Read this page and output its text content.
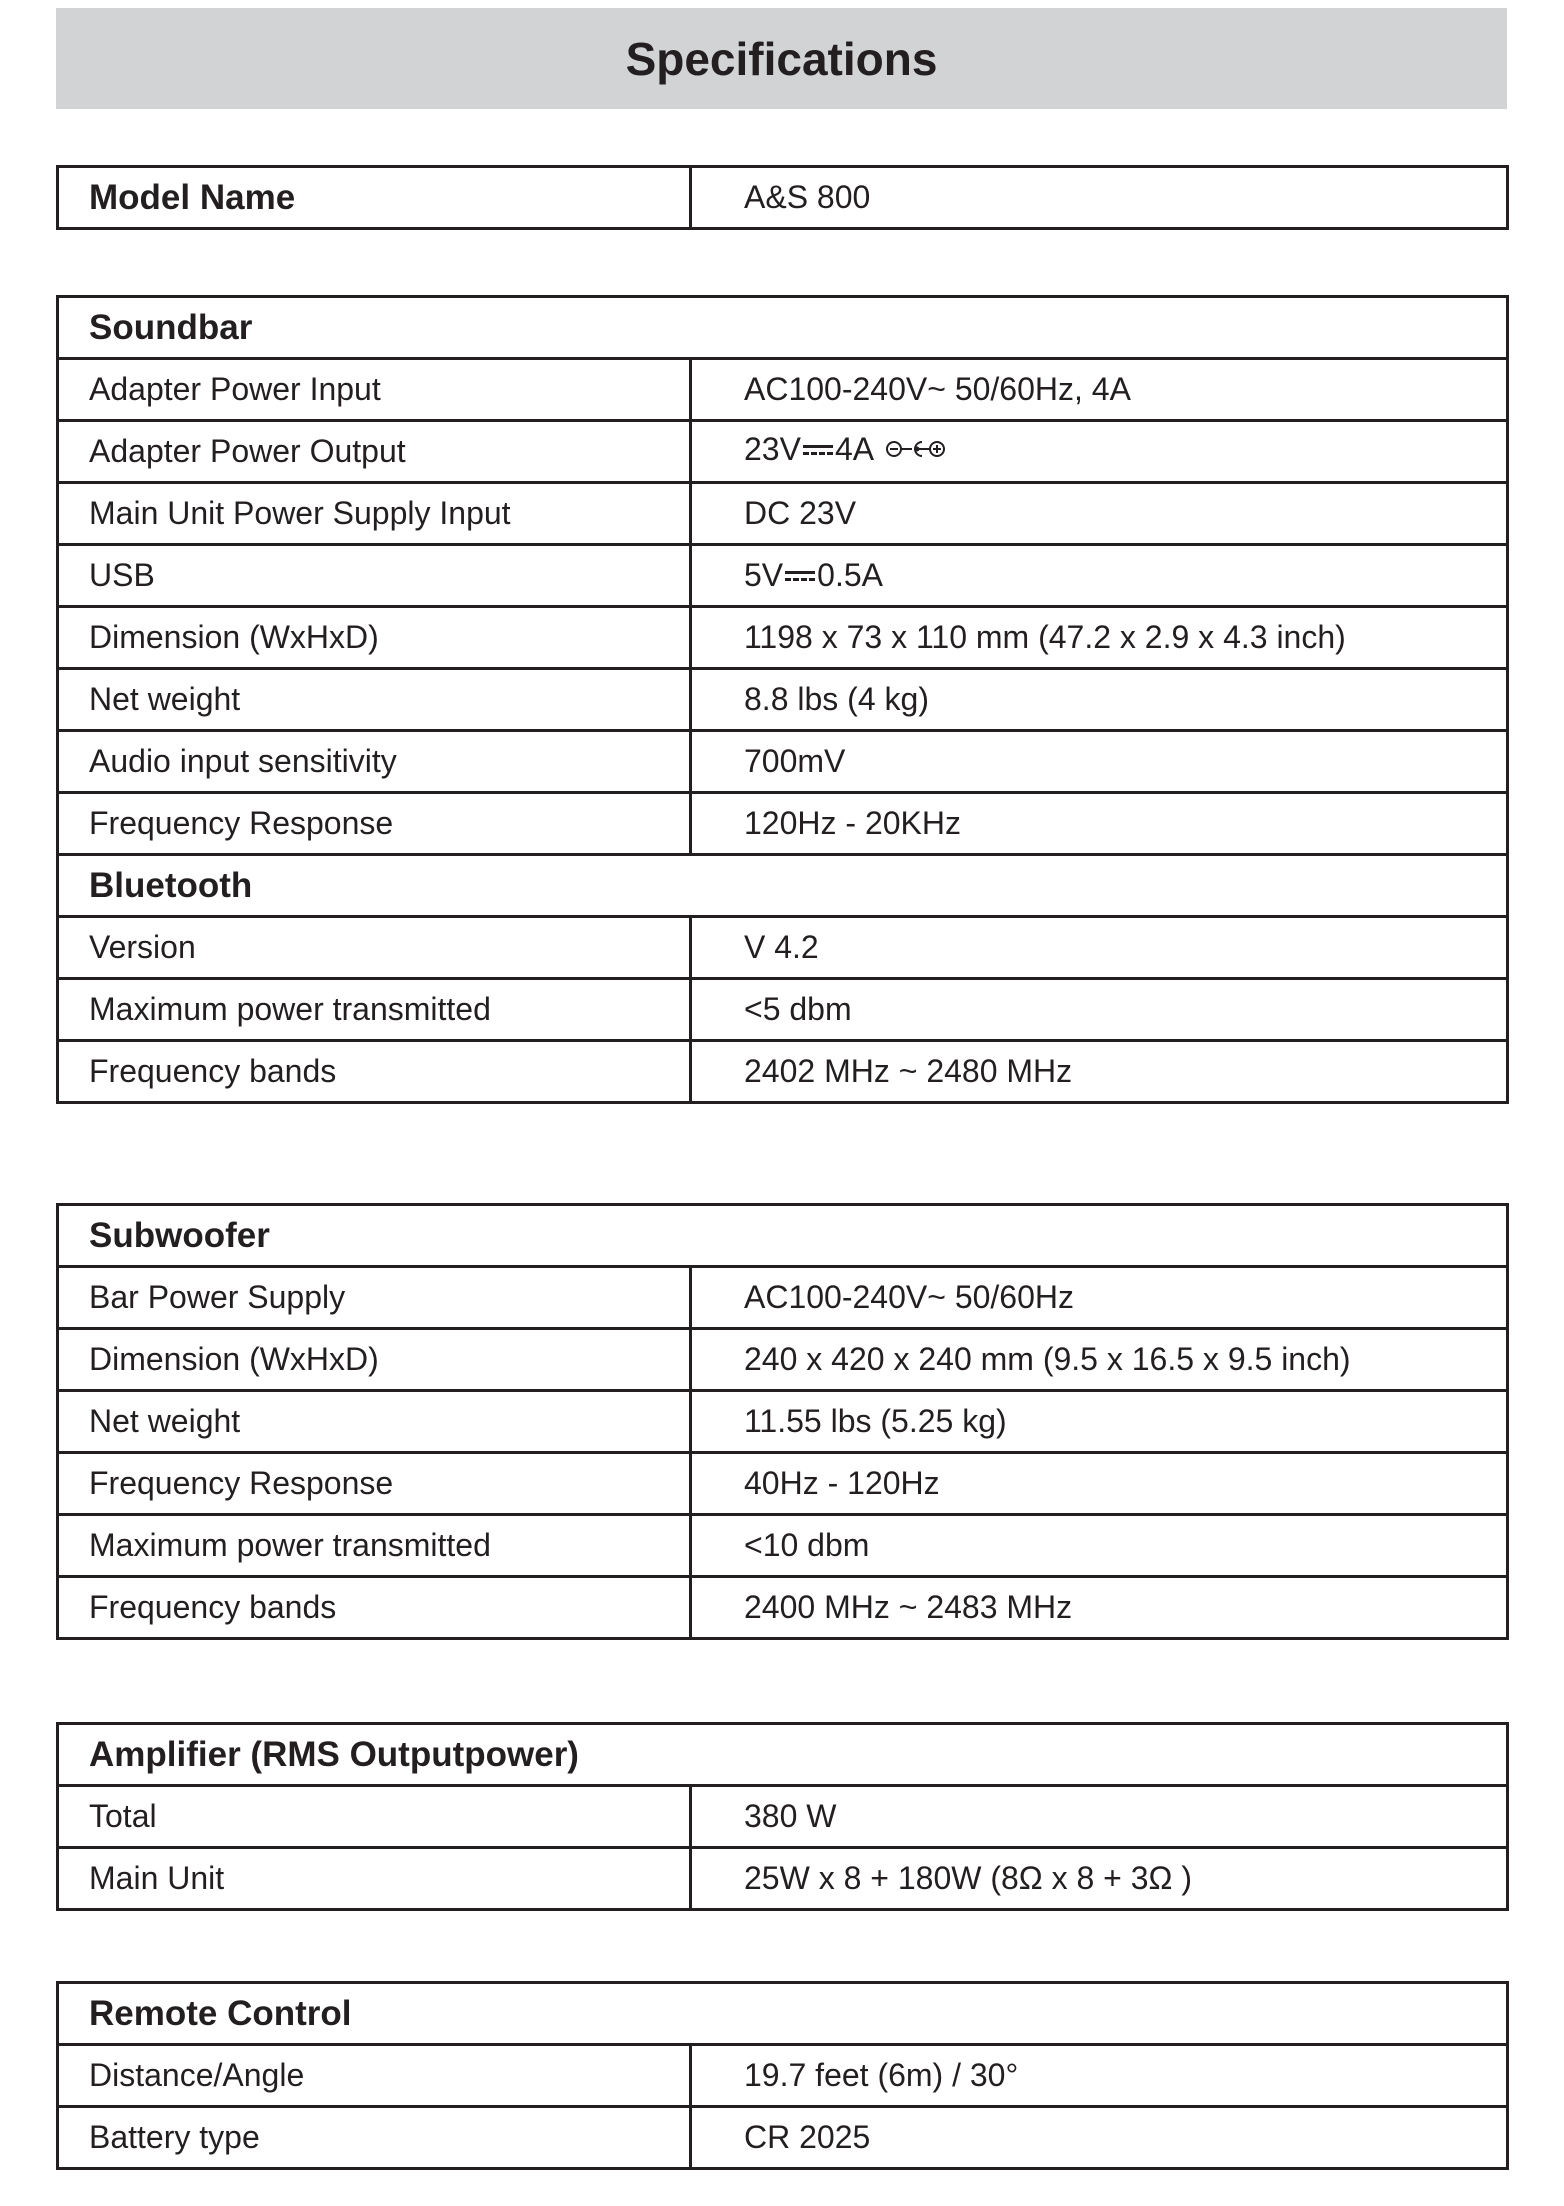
Specifications
Model Name	A&S 800
Soundbar	
Adapter Power Input	AC100-240V~ 50/60Hz, 4A
Adapter Power Output	23V 4A
Main Unit Power Supply Input	DC 23V
USB	5V 0.5A
Dimension (WxHxD)	1198 x 73 x 110 mm (47.2 x 2.9 x 4.3 inch)
Net weight	8.8 lbs (4 kg)
Audio input sensitivity	700mV
Frequency Response	120Hz - 20KHz
Bluetooth	
Version	V 4.2
Maximum power transmitted	<5 dbm
Frequency bands	2402 MHz ~ 2480 MHz
Subwoofer	
Bar Power Supply	AC100-240V~ 50/60Hz
Dimension (WxHxD)	240 x 420 x 240 mm (9.5 x 16.5 x 9.5 inch)
Net weight	11.55 lbs (5.25 kg)
Frequency Response	40Hz - 120Hz
Maximum power transmitted	<10 dbm
Frequency bands	2400 MHz ~ 2483 MHz
Amplifier (RMS Outputpower)	
Total	380 W
Main Unit	25W x 8 + 180W (8Ω x 8 + 3Ω )
Remote Control	
Distance/Angle	19.7 feet (6m) / 30°
Battery type	CR 2025
